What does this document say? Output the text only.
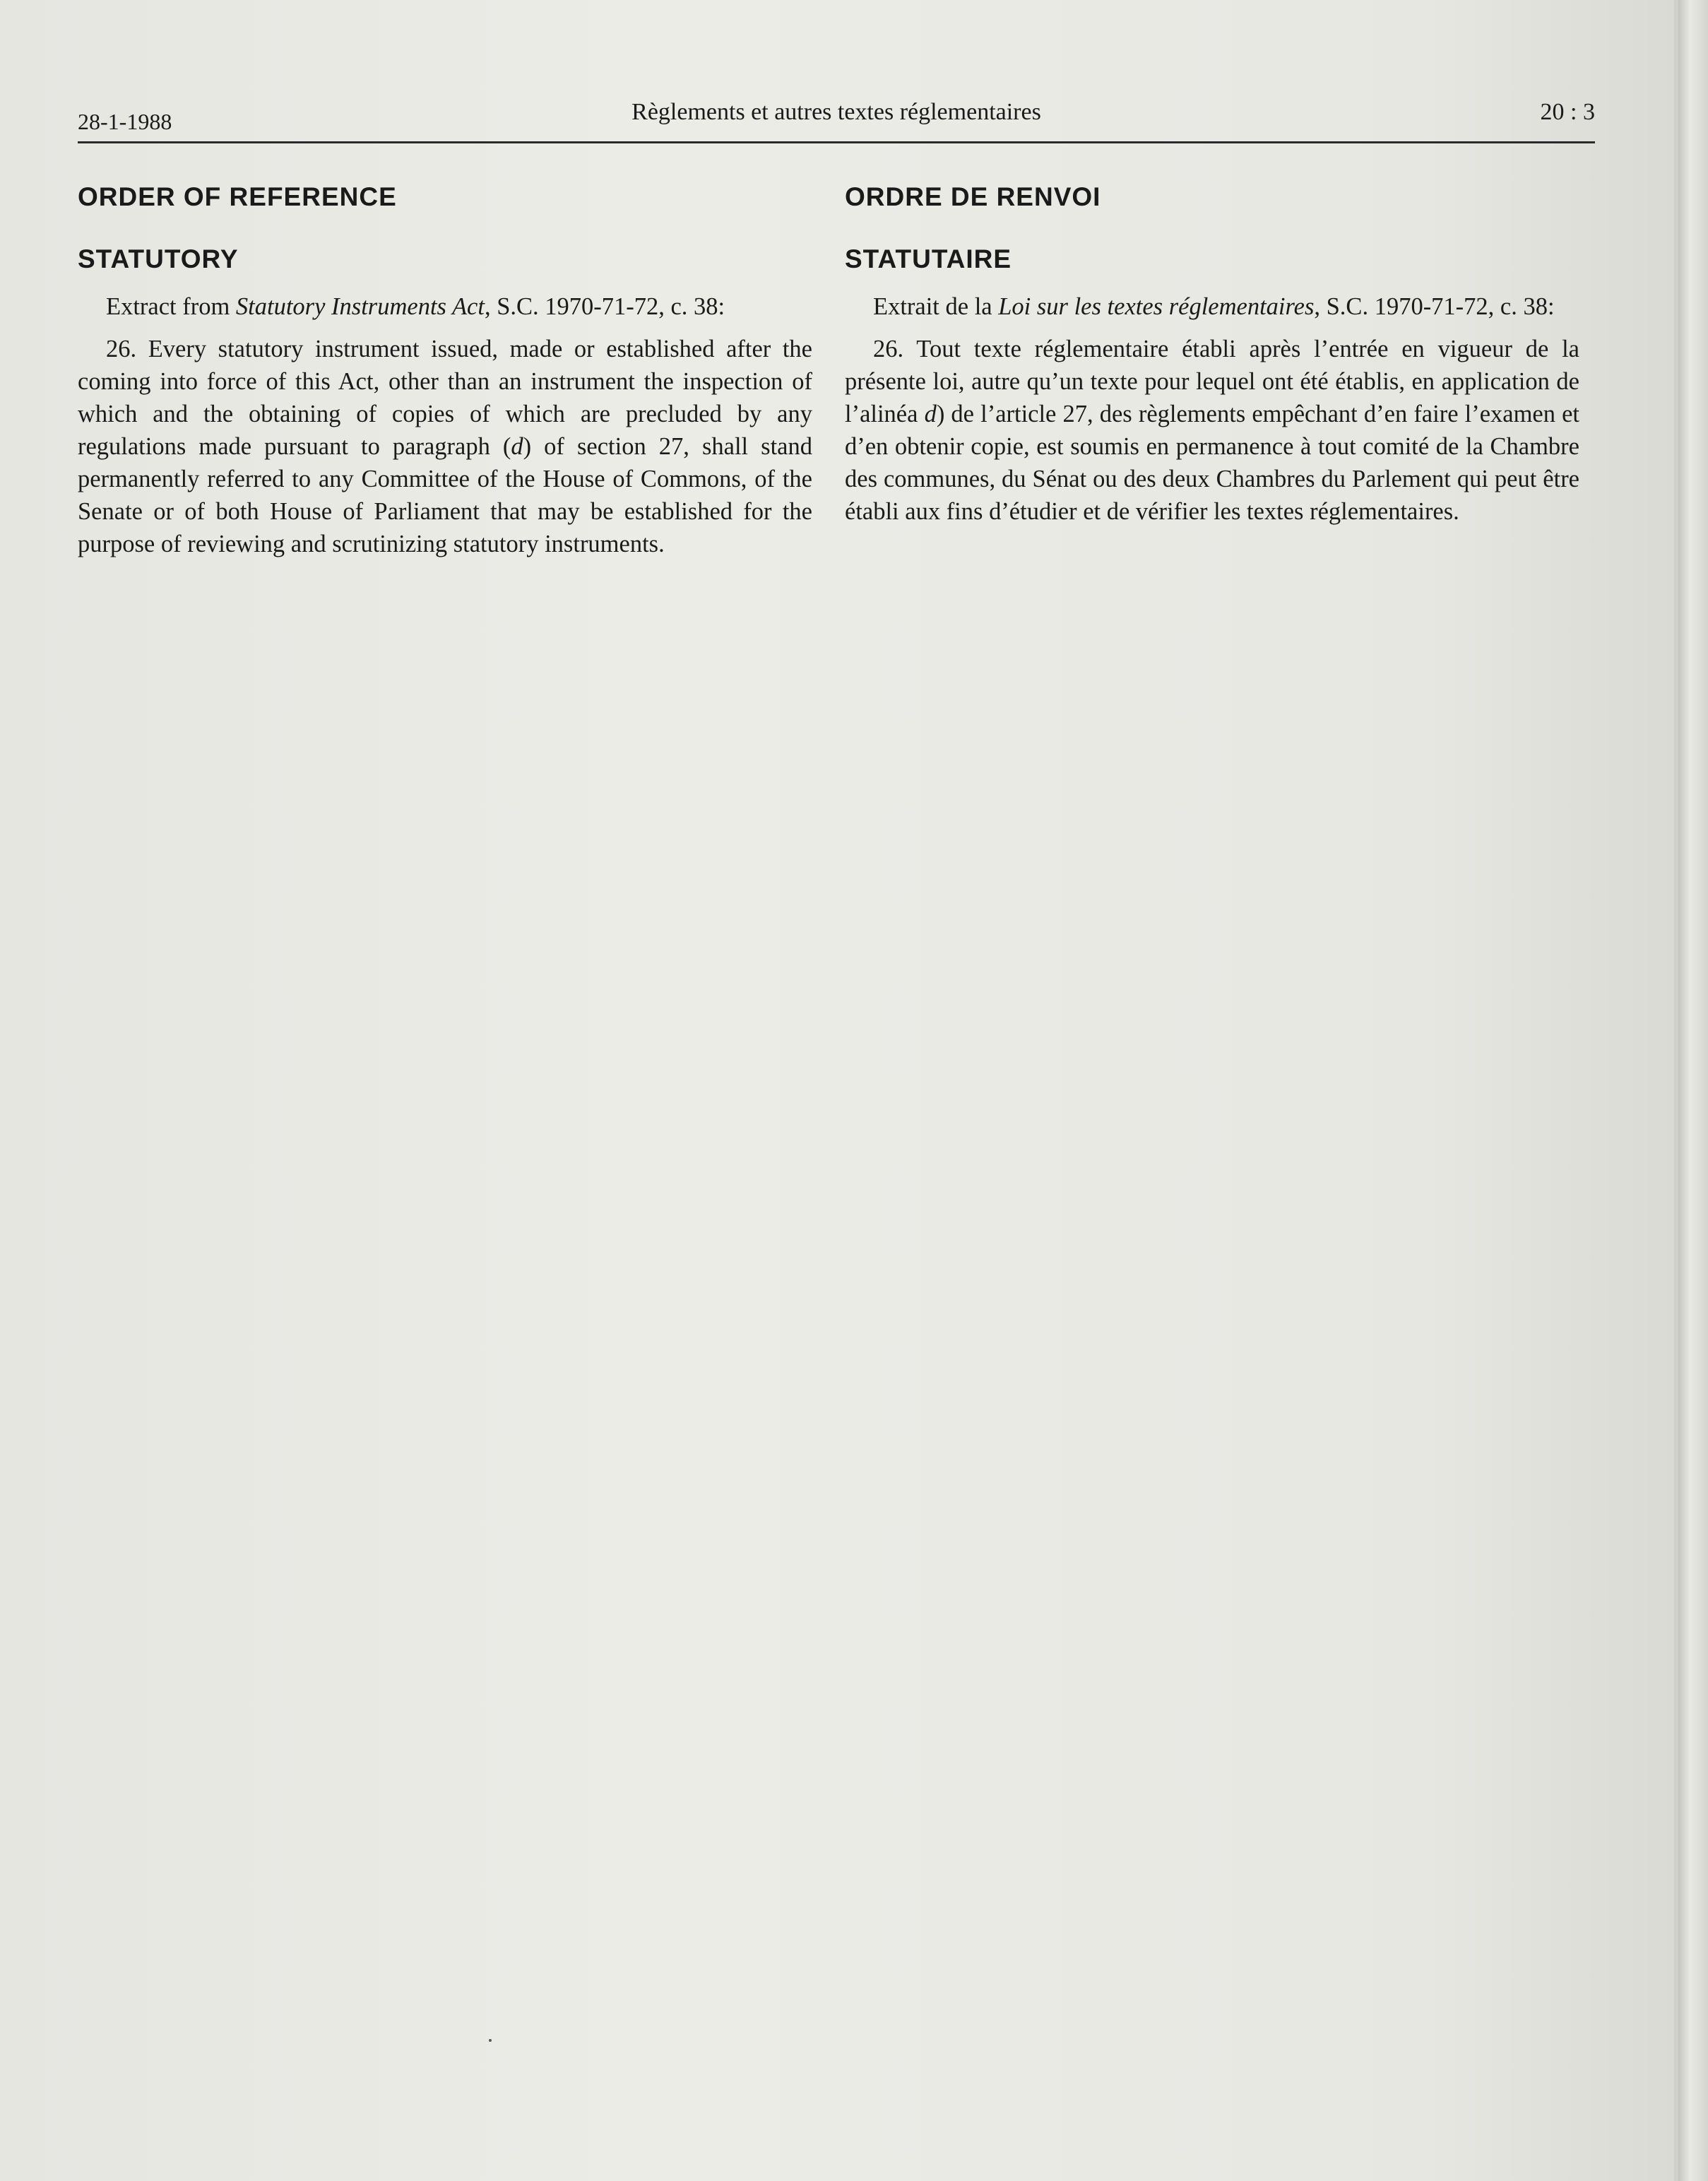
28-1-1988	Règlements et autres textes réglementaires	20 : 3
ORDER OF REFERENCE
STATUTORY

Extract from Statutory Instruments Act, S.C. 1970-71-72, c. 38:

26. Every statutory instrument issued, made or established after the coming into force of this Act, other than an instrument the inspection of which and the obtaining of copies of which are precluded by any regulations made pursuant to paragraph (d) of section 27, shall stand permanently referred to any Committee of the House of Commons, of the Senate or of both House of Parliament that may be established for the purpose of reviewing and scrutinizing statutory instruments.

ORDRE DE RENVOI
STATUTAIRE

Extrait de la Loi sur les textes réglementaires, S.C. 1970-71-72, c. 38:

26. Tout texte réglementaire établi après l’entrée en vigueur de la présente loi, autre qu’un texte pour lequel ont été établis, en application de l’alinéa d) de l’article 27, des règlements empêchant d’en faire l’examen et d’en obtenir copie, est soumis en permanence à tout comité de la Chambre des communes, du Sénat ou des deux Chambres du Parlement qui peut être établi aux fins d’étudier et de vérifier les textes réglementaires.
